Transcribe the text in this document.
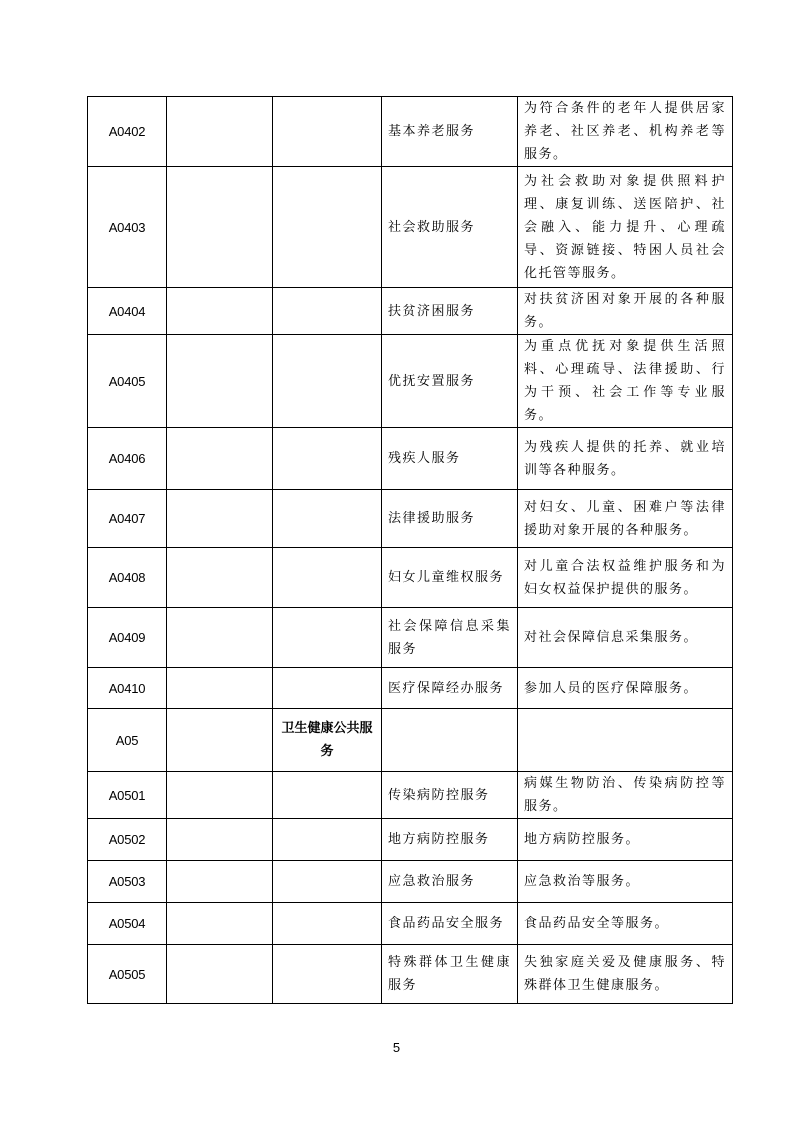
A0402			基本养老服务	为符合条件的老年人提供居家养老、社区养老、机构养老等服务。
A0403			社会救助服务	为社会救助对象提供照料护理、康复训练、送医陪护、社会融入、能力提升、心理疏导、资源链接、特困人员社会化托管等服务。
A0404			扶贫济困服务	对扶贫济困对象开展的各种服务。
A0405			优抚安置服务	为重点优抚对象提供生活照料、心理疏导、法律援助、行为干预、社会工作等专业服务。
A0406			残疾人服务	为残疾人提供的托养、就业培训等各种服务。
A0407			法律援助服务	对妇女、儿童、困难户等法律援助对象开展的各种服务。
A0408			妇女儿童维权服务	对儿童合法权益维护服务和为妇女权益保护提供的服务。
A0409			社会保障信息采集服务	对社会保障信息采集服务。
A0410			医疗保障经办服务	参加人员的医疗保障服务。
A05		卫生健康公共服务		
A0501			传染病防控服务	病媒生物防治、传染病防控等服务。
A0502			地方病防控服务	地方病防控服务。
A0503			应急救治服务	应急救治等服务。
A0504			食品药品安全服务	食品药品安全等服务。
A0505			特殊群体卫生健康服务	失独家庭关爱及健康服务、特殊群体卫生健康服务。
5
